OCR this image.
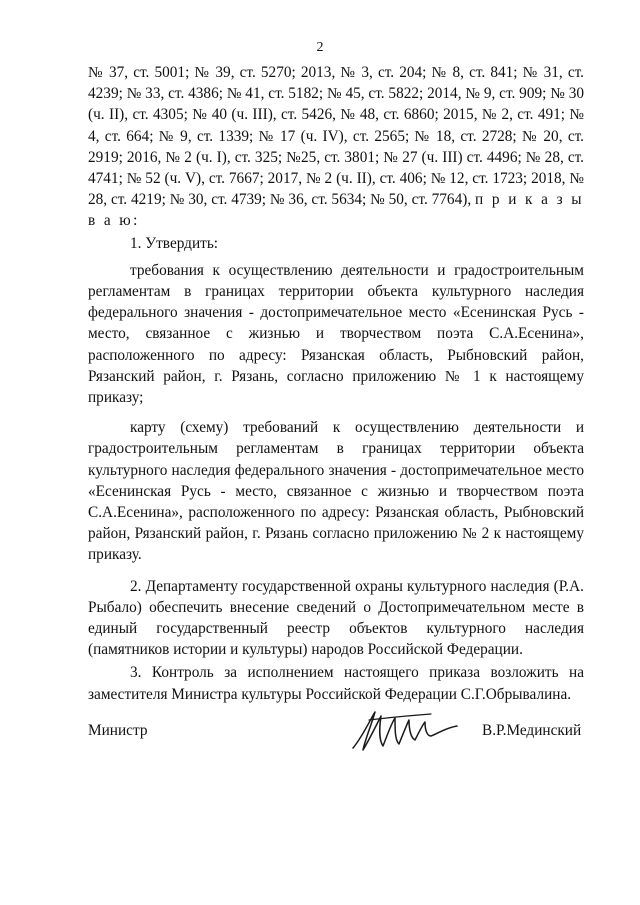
2

№ 37, ст. 5001; № 39, ст. 5270; 2013, № 3, ст. 204; № 8, ст. 841; № 31, ст. 4239; № 33, ст. 4386; № 41, ст. 5182; № 45, ст. 5822; 2014, № 9, ст. 909; № 30 (ч. II), ст. 4305; № 40 (ч. III), ст. 5426, № 48, ст. 6860; 2015, № 2, ст. 491; № 4, ст. 664; № 9, ст. 1339; № 17 (ч. IV), ст. 2565; № 18, ст. 2728; № 20, ст. 2919; 2016, № 2 (ч. I), ст. 325; №25, ст. 3801; № 27 (ч. III) ст. 4496; № 28, ст. 4741; № 52 (ч. V), ст. 7667; 2017, № 2 (ч. II), ст. 406; № 12, ст. 1723; 2018, № 28, ст. 4219; № 30, ст. 4739; № 36, ст. 5634; № 50, ст. 7764), п р и к а з ы в а ю:

1. Утвердить:

требования к осуществлению деятельности и градостроительным регламентам в границах территории объекта культурного наследия федерального значения - достопримечательное место «Есенинская Русь - место, связанное с жизнью и творчеством поэта С.А.Есенина», расположенного по адресу: Рязанская область, Рыбновский район, Рязанский район, г. Рязань, согласно приложению № 1 к настоящему приказу;

карту (схему) требований к осуществлению деятельности и градостроительным регламентам в границах территории объекта культурного наследия федерального значения - достопримечательное место «Есенинская Русь - место, связанное с жизнью и творчеством поэта С.А.Есенина», расположенного по адресу: Рязанская область, Рыбновский район, Рязанский район, г. Рязань согласно приложению № 2 к настоящему приказу.

2. Департаменту государственной охраны культурного наследия (Р.А. Рыбало) обеспечить внесение сведений о Достопримечательном месте в единый государственный реестр объектов культурного наследия (памятников истории и культуры) народов Российской Федерации.

3. Контроль за исполнением настоящего приказа возложить на заместителя Министра культуры Российской Федерации С.Г.Обрывалина.

Министр	В.Р.Мединский
